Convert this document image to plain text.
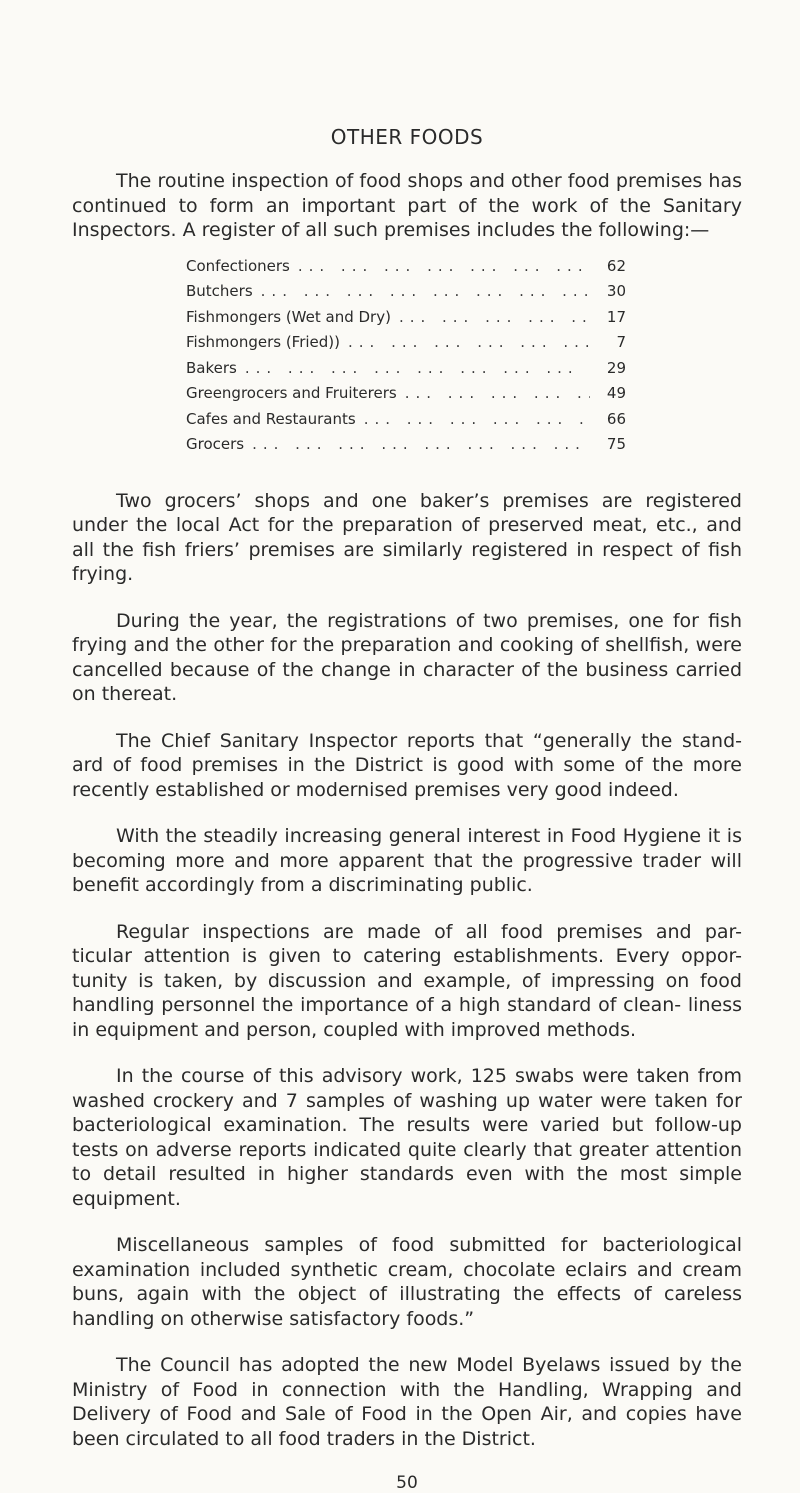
OTHER FOODS

The routine inspection of food shops and other food premises has continued to form an important part of the work of the Sanitary Inspectors. A register of all such premises includes the following:—

Confectioners ... .	62
Butchers ... .	30
Fishmongers (Wet and Dry) ... .	17
Fishmongers (Fried)) ... .	7
Bakers ... .	29
Greengrocers and Fruiterers ... .	49
Cafes and Restaurants ... .	66
Grocers ... .	75

Two grocers’ shops and one baker’s premises are registered under the local Act for the preparation of preserved meat, etc., and all the fish friers’ premises are similarly registered in respect of fish frying.

During the year, the registrations of two premises, one for fish frying and the other for the preparation and cooking of shellfish, were cancelled because of the change in character of the business carried on thereat.

The Chief Sanitary Inspector reports that “generally the stand- ard of food premises in the District is good with some of the more recently established or modernised premises very good indeed.

With the steadily increasing general interest in Food Hygiene it is becoming more and more apparent that the progressive trader will benefit accordingly from a discriminating public.

Regular inspections are made of all food premises and par- ticular attention is given to catering establishments. Every oppor- tunity is taken, by discussion and example, of impressing on food handling personnel the importance of a high standard of clean- liness in equipment and person, coupled with improved methods.

In the course of this advisory work, 125 swabs were taken from washed crockery and 7 samples of washing up water were taken for bacteriological examination. The results were varied but follow-up tests on adverse reports indicated quite clearly that greater attention to detail resulted in higher standards even with the most simple equipment.

Miscellaneous samples of food submitted for bacteriological examination included synthetic cream, chocolate eclairs and cream buns, again with the object of illustrating the effects of careless handling on otherwise satisfactory foods.”

The Council has adopted the new Model Byelaws issued by the Ministry of Food in connection with the Handling, Wrapping and Delivery of Food and Sale of Food in the Open Air, and copies have been circulated to all food traders in the District.

50
